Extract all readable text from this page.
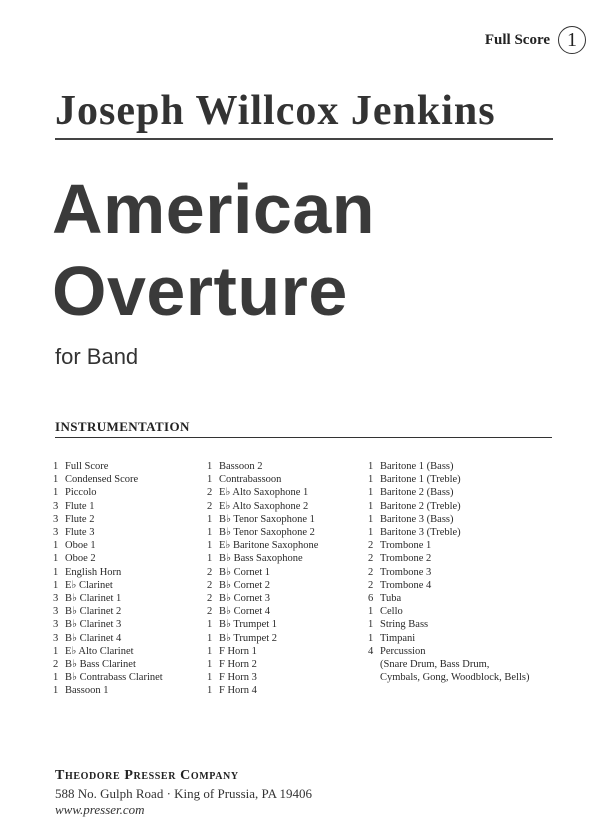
Full Score 1
Joseph Willcox Jenkins
American
Overture
for Band
INSTRUMENTATION
1 Full Score
1 Condensed Score
1 Piccolo
3 Flute 1
3 Flute 2
3 Flute 3
1 Oboe 1
1 Oboe 2
1 English Horn
1 E♭ Clarinet
3 B♭ Clarinet 1
3 B♭ Clarinet 2
3 B♭ Clarinet 3
3 B♭ Clarinet 4
1 E♭ Alto Clarinet
2 B♭ Bass Clarinet
1 B♭ Contrabass Clarinet
1 Bassoon 1
1 Bassoon 2
1 Contrabassoon
2 E♭ Alto Saxophone 1
2 E♭ Alto Saxophone 2
1 B♭ Tenor Saxophone 1
1 B♭ Tenor Saxophone 2
1 E♭ Baritone Saxophone
1 B♭ Bass Saxophone
2 B♭ Cornet 1
2 B♭ Cornet 2
2 B♭ Cornet 3
2 B♭ Cornet 4
1 B♭ Trumpet 1
1 B♭ Trumpet 2
1 F Horn 1
1 F Horn 2
1 F Horn 3
1 F Horn 4
1 Baritone 1 (Bass)
1 Baritone 1 (Treble)
1 Baritone 2 (Bass)
1 Baritone 2 (Treble)
1 Baritone 3 (Bass)
1 Baritone 3 (Treble)
2 Trombone 1
2 Trombone 2
2 Trombone 3
2 Trombone 4
6 Tuba
1 Cello
1 String Bass
1 Timpani
4 Percussion
(Snare Drum, Bass Drum,
Cymbals, Gong, Woodblock, Bells)
Theodore Presser Company
588 No. Gulph Road · King of Prussia, PA 19406
www.presser.com
